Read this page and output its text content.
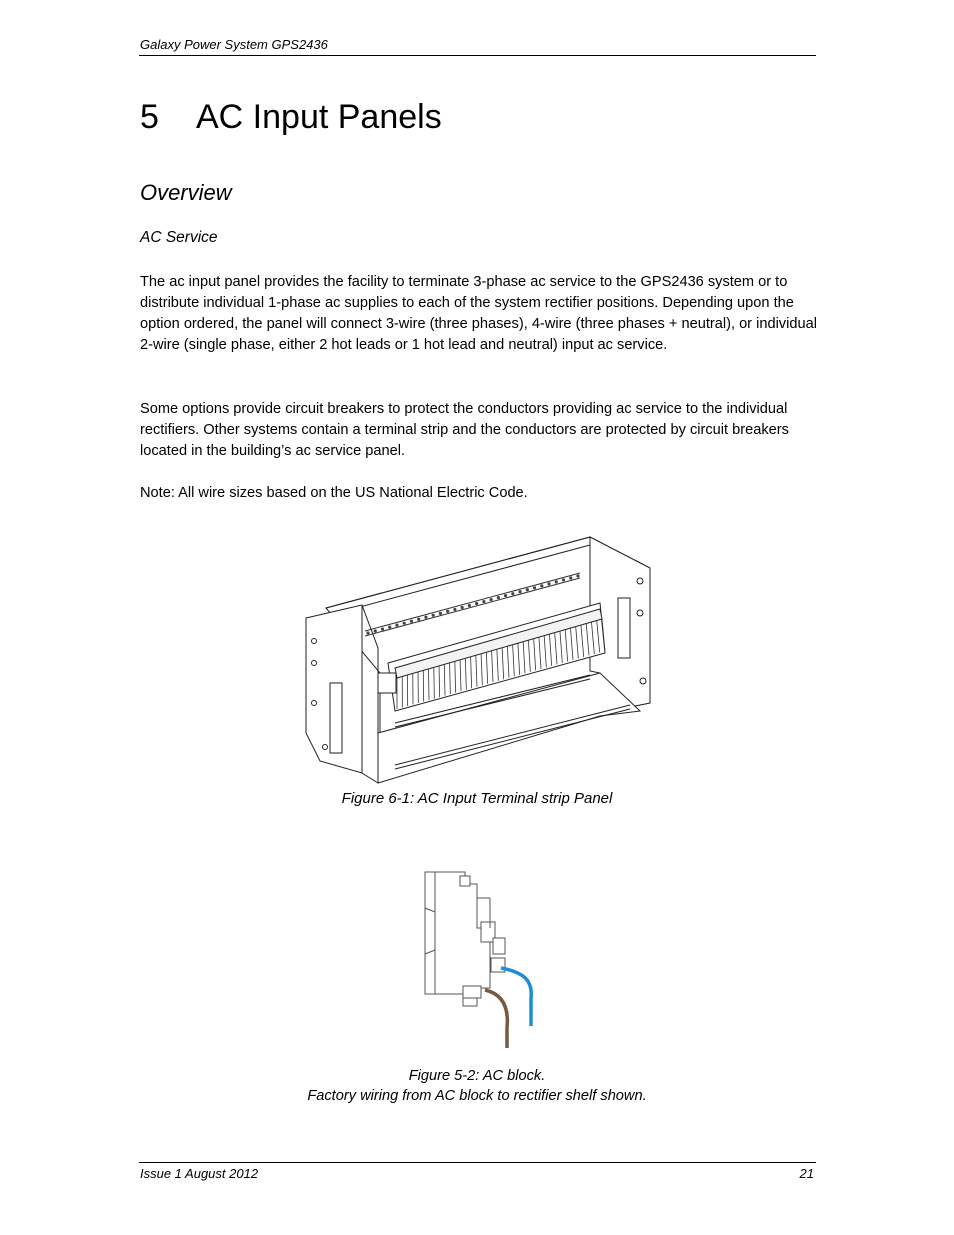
Galaxy Power System GPS2436
5	AC Input Panels
Overview
AC Service

The ac input panel provides the facility to terminate 3-phase ac service to the GPS2436 system or to distribute individual 1-phase ac supplies to each of the system rectifier positions. Depending upon the option ordered, the panel will connect 3-wire (three phases), 4-wire (three phases + neutral), or individual 2-wire (single phase, either 2 hot leads or 1 hot lead and neutral) input ac service.

Some options provide circuit breakers to protect the conductors providing ac service to the individual rectifiers. Other systems contain a terminal strip and the conductors are protected by circuit breakers located in the building’s ac service panel.

Note: All wire sizes based on the US National Electric Code.

Figure 6-1: AC Input Terminal strip Panel

Figure 5-2: AC block.

Factory wiring from AC block to rectifier shelf shown.

Issue 1 August 2012	21
